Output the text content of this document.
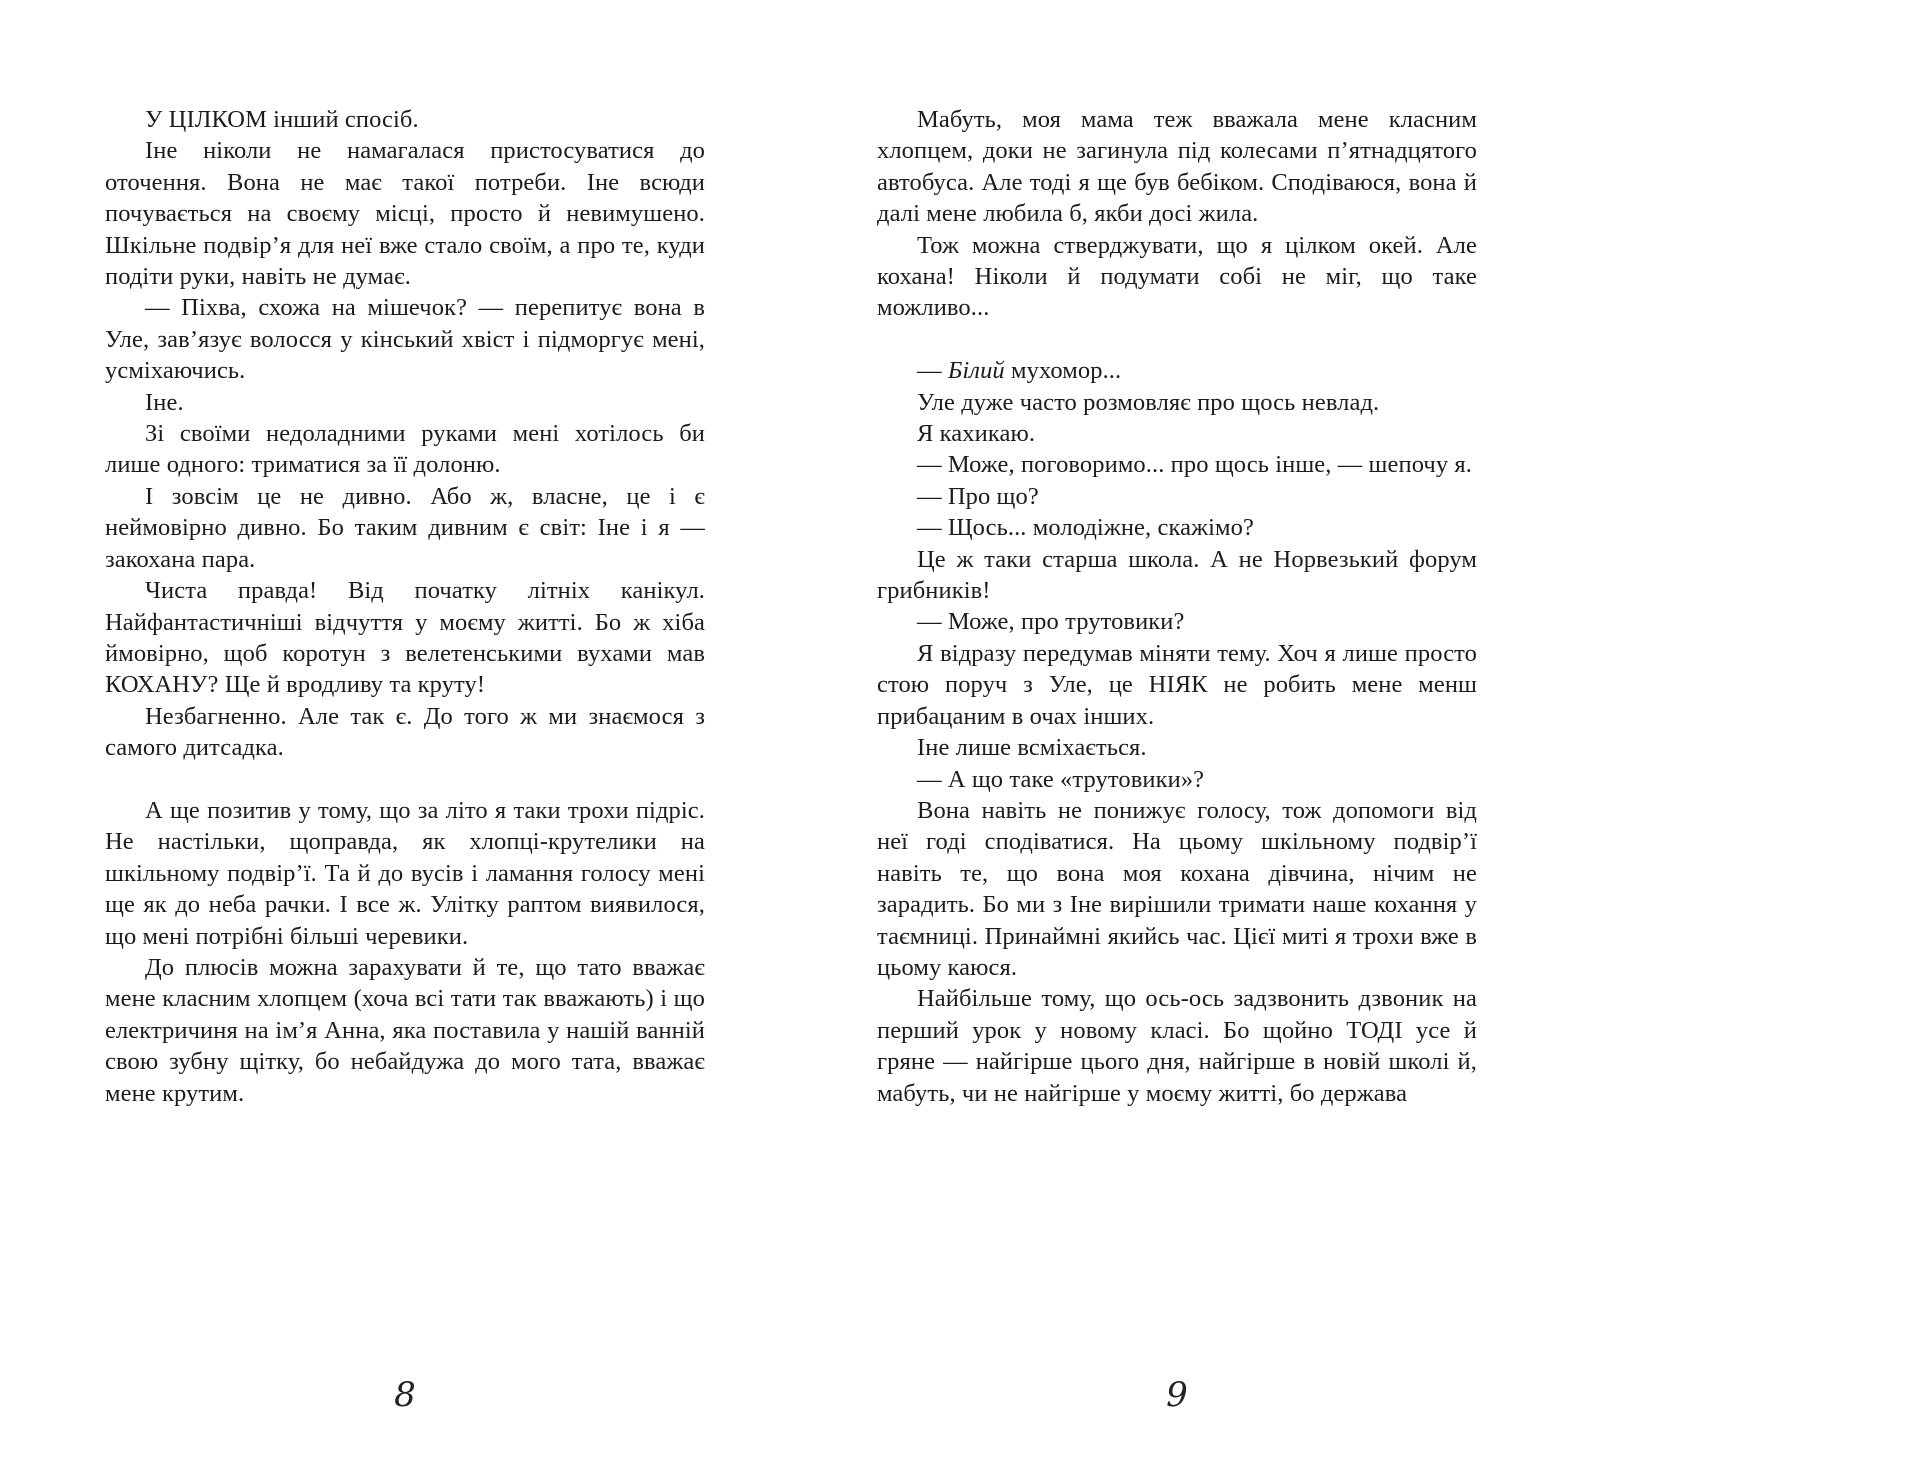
У ЦІЛКОМ інший спосіб.

Іне ніколи не намагалася пристосуватися до оточення. Вона не має такої потреби. Іне всюди почувається на своєму місці, просто й невимушено. Шкільне подвір’я для неї вже стало своїм, а про те, куди подіти руки, навіть не думає.

— Піхва, схожа на мішечок? — перепитує вона в Уле, зав’язує волосся у кінський хвіст і підморгує мені, усміхаючись.

Іне.

Зі своїми недоладними руками мені хотілось би лише одного: триматися за її долоню.

І зовсім це не дивно. Або ж, власне, це і є неймовірно дивно. Бо таким дивним є світ: Іне і я — закохана пара.

Чиста правда! Від початку літніх канікул. Найфантастичніші відчуття у моєму житті. Бо ж хіба ймовірно, щоб коротун з велетенськими вухами мав КОХАНУ? Ще й вродливу та круту!

Незбагненно. Але так є. До того ж ми знаємося з самого дитсадка.

А ще позитив у тому, що за літо я таки трохи підріс. Не настільки, щоправда, як хлопці-крутелики на шкільному подвір’ї. Та й до вусів і ламання голосу мені ще як до неба рачки. І все ж. Улітку раптом виявилося, що мені потрібні більші черевики.

До плюсів можна зарахувати й те, що тато вважає мене класним хлопцем (хоча всі тати так вважають) і що електричиня на ім’я Анна, яка поставила у нашій ванній свою зубну щітку, бо небайдужа до мого тата, вважає мене крутим.

8

Мабуть, моя мама теж вважала мене класним хлопцем, доки не загинула під колесами п’ятнадцятого автобуса. Але тоді я ще був бебіком. Сподіваюся, вона й далі мене любила б, якби досі жила.

Тож можна стверджувати, що я цілком окей. Але кохана! Ніколи й подумати собі не міг, що таке можливо...

— Білий мухомор...

Уле дуже часто розмовляє про щось невлад.

Я кахикаю.

— Може, поговоримо... про щось інше, — шепочу я.

— Про що?

— Щось... молодіжне, скажімо?

Це ж таки старша школа. А не Норвезький форум грибників!

— Може, про трутовики?

Я відразу передумав міняти тему. Хоч я лише просто стою поруч з Уле, це НІЯК не робить мене менш прибацаним в очах інших.

Іне лише всміхається.

— А що таке «трутовики»?

Вона навіть не понижує голосу, тож допомоги від неї годі сподіватися. На цьому шкільному подвір’ї навіть те, що вона моя кохана дівчина, нічим не зарадить. Бо ми з Іне вирішили тримати наше кохання у таємниці. Принаймні якийсь час. Цієї миті я трохи вже в цьому каюся.

Найбільше тому, що ось-ось задзвонить дзвоник на перший урок у новому класі. Бо щойно ТОДІ усе й гряне — найгірше цього дня, найгірше в новій школі й, мабуть, чи не найгірше у моєму житті, бо держава

9
